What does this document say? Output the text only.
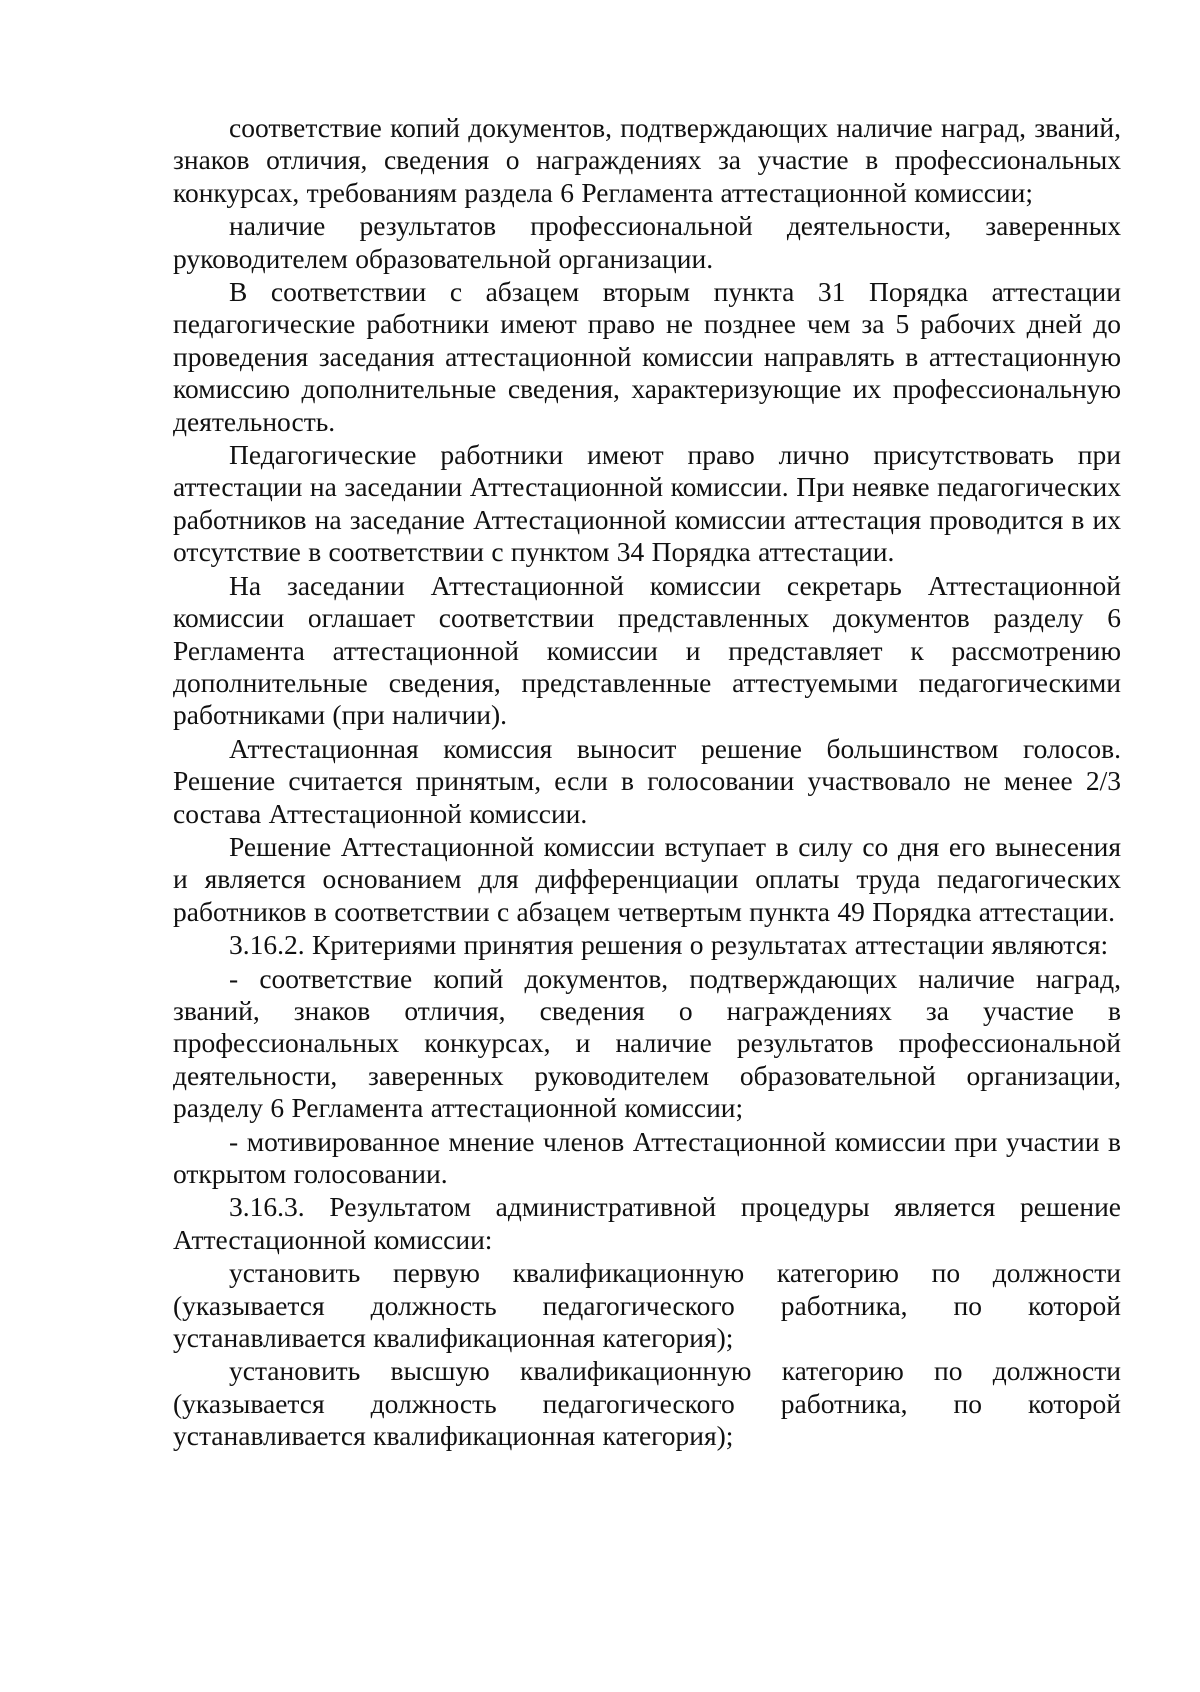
соответствие копий документов, подтверждающих наличие наград, званий, знаков отличия, сведения о награждениях за участие в профессиональных конкурсах, требованиям раздела 6 Регламента аттестационной комиссии;

наличие результатов профессиональной деятельности, заверенных руководителем образовательной организации.

В соответствии с абзацем вторым пункта 31 Порядка аттестации педагогические работники имеют право не позднее чем за 5 рабочих дней до проведения заседания аттестационной комиссии направлять в аттестационную комиссию дополнительные сведения, характеризующие их профессиональную деятельность.

Педагогические работники имеют право лично присутствовать при аттестации на заседании Аттестационной комиссии. При неявке педагогических работников на заседание Аттестационной комиссии аттестация проводится в их отсутствие в соответствии с пунктом 34 Порядка аттестации.

На заседании Аттестационной комиссии секретарь Аттестационной комиссии оглашает соответствии представленных документов разделу 6 Регламента аттестационной комиссии и представляет к рассмотрению дополнительные сведения, представленные аттестуемыми педагогическими работниками (при наличии).

Аттестационная комиссия выносит решение большинством голосов. Решение считается принятым, если в голосовании участвовало не менее 2/3 состава Аттестационной комиссии.

Решение Аттестационной комиссии вступает в силу со дня его вынесения и является основанием для дифференциации оплаты труда педагогических работников в соответствии с абзацем четвертым пункта 49 Порядка аттестации.

3.16.2. Критериями принятия решения о результатах аттестации являются:

- соответствие копий документов, подтверждающих наличие наград, званий, знаков отличия, сведения о награждениях за участие в профессиональных конкурсах, и наличие результатов профессиональной деятельности, заверенных руководителем образовательной организации, разделу 6 Регламента аттестационной комиссии;

- мотивированное мнение членов Аттестационной комиссии при участии в открытом голосовании.

3.16.3. Результатом административной процедуры является решение Аттестационной комиссии:

установить первую квалификационную категорию по должности (указывается должность педагогического работника, по которой устанавливается квалификационная категория);

установить высшую квалификационную категорию по должности (указывается должность педагогического работника, по которой устанавливается квалификационная категория);
